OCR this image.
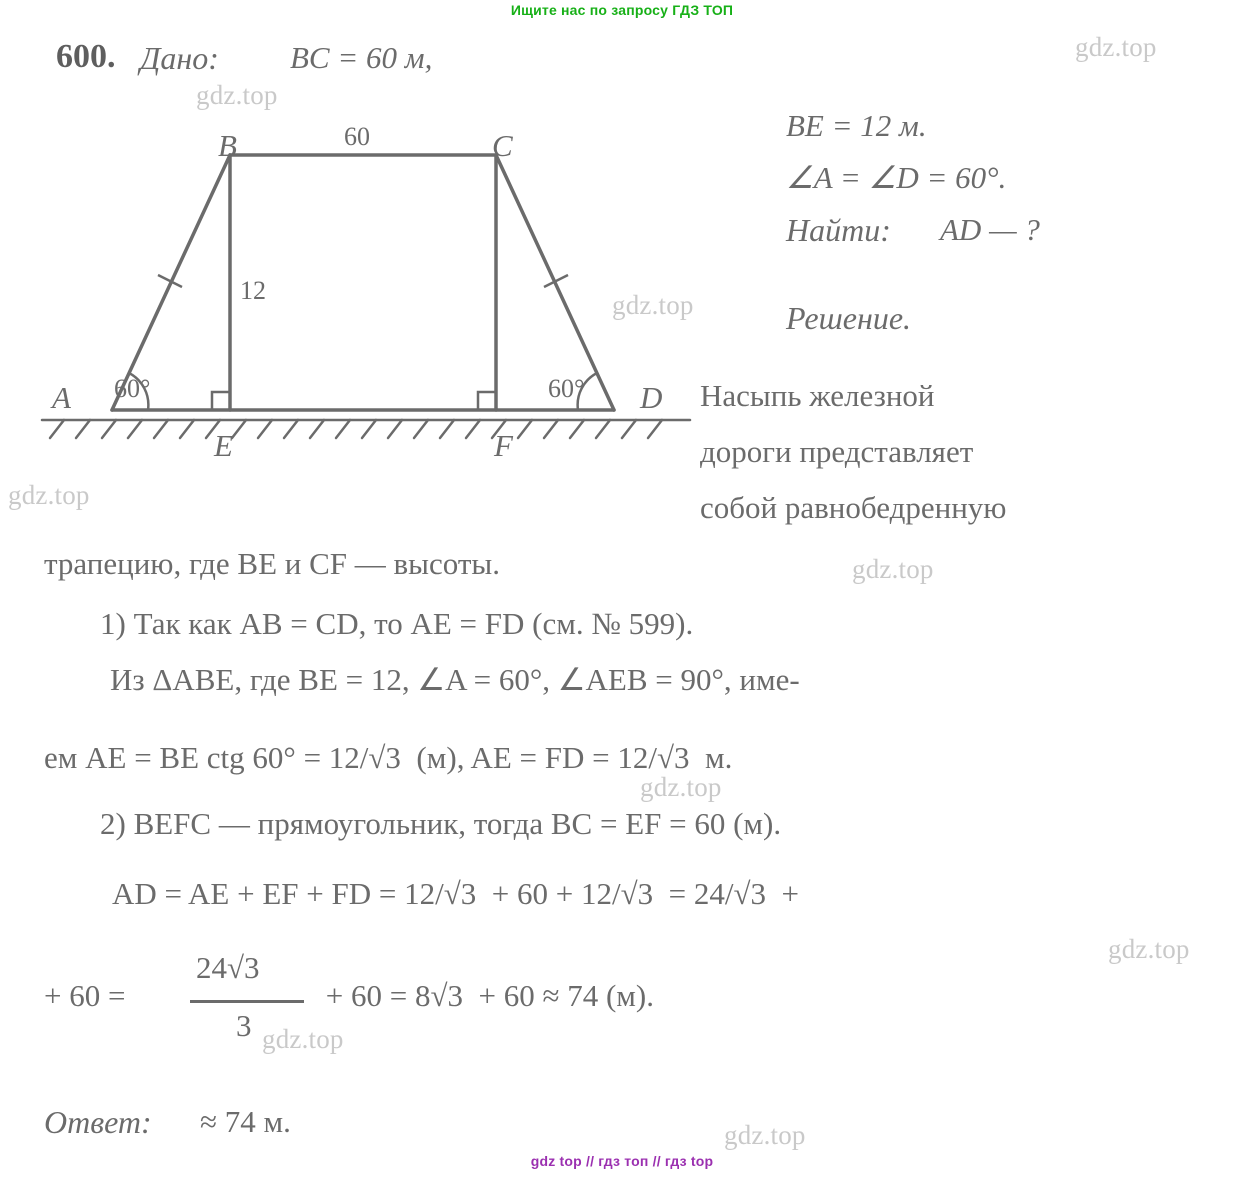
Ищите нас по запросу ГДЗ ТОП
gdz top // гдз топ // гдз top
gdz.top
gdz.top
gdz.top
gdz.top
gdz.top
gdz.top
gdz.top
gdz.top
gdz.top
600. Дано: BC = 60 м,
BE = 12 м.
∠A = ∠D = 60°.
Найти: AD — ?
Решение.
B	C
A	D
E	F
60
12
60°	60°	Насыпь железной
дороги представляет
собой равнобедренную
трапецию, где BE и CF — высоты.
1) Так как AB = CD, то AE = FD (см. № 599).
Из ΔABE, где BE = 12, ∠A = 60°, ∠AEB = 90°, име-
ем AE = BE ctg 60° = 12/√3  (м), AE = FD = 12/√3  м.
2) BEFC — прямоугольник, тогда BC = EF = 60 (м).
AD = AE + EF + FD = 12/√3  + 60 + 12/√3  = 24/√3  +
+ 60 =
24√3
3
+ 60 = 8√3  + 60 ≈ 74 (м).
Ответ: ≈ 74 м.
